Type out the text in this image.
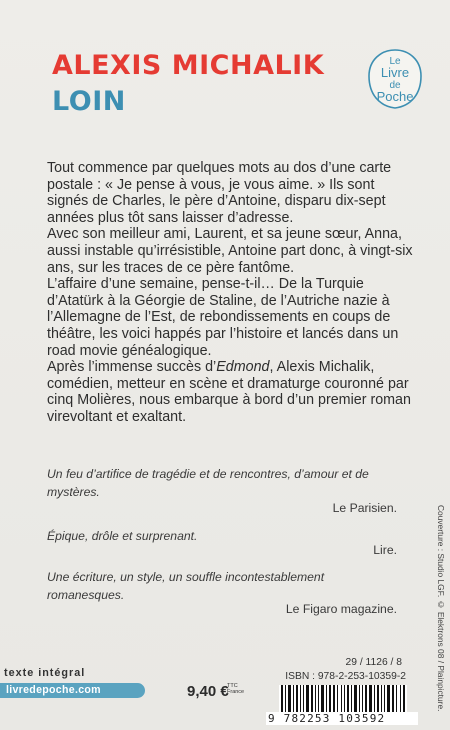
ALEXIS MICHALIK
LOIN
Le
Livre
de
Poche

Tout commence par quelques mots au dos d’une carte postale : « Je pense à vous, je vous aime. » Ils sont signés de Charles, le père d’Antoine, disparu dix-sept années plus tôt sans laisser d’adresse.

Avec son meilleur ami, Laurent, et sa jeune sœur, Anna, aussi instable qu’irrésistible, Antoine part donc, à vingt-six ans, sur les traces de ce père fantôme.

L’affaire d’une semaine, pense-t-il… De la Turquie d’Atatürk à la Géorgie de Staline, de l’Autriche nazie à l’Allemagne de l’Est, de rebondissements en coups de théâtre, les voici happés par l’histoire et lancés dans un road movie généalogique.

Après l’immense succès d’Edmond, Alexis Michalik, comédien, metteur en scène et dramaturge couronné par cinq Molières, nous embarque à bord d’un premier roman virevoltant et exaltant.

Un feu d’artifice de tragédie et de rencontres, d’amour et de mystères.
Le Parisien.
Épique, drôle et surprenant.
Lire.
Une écriture, un style, un souffle incontestablement romanesques.
Le Figaro magazine.	Couverture : Studio LGF. © Elektrons 08 / Plainpicture.
texte intégral
livredepoche.com	9,40 €
TTC
France
29 / 1126 / 8
ISBN : 978-2-253-10359-2
9 782253 103592
